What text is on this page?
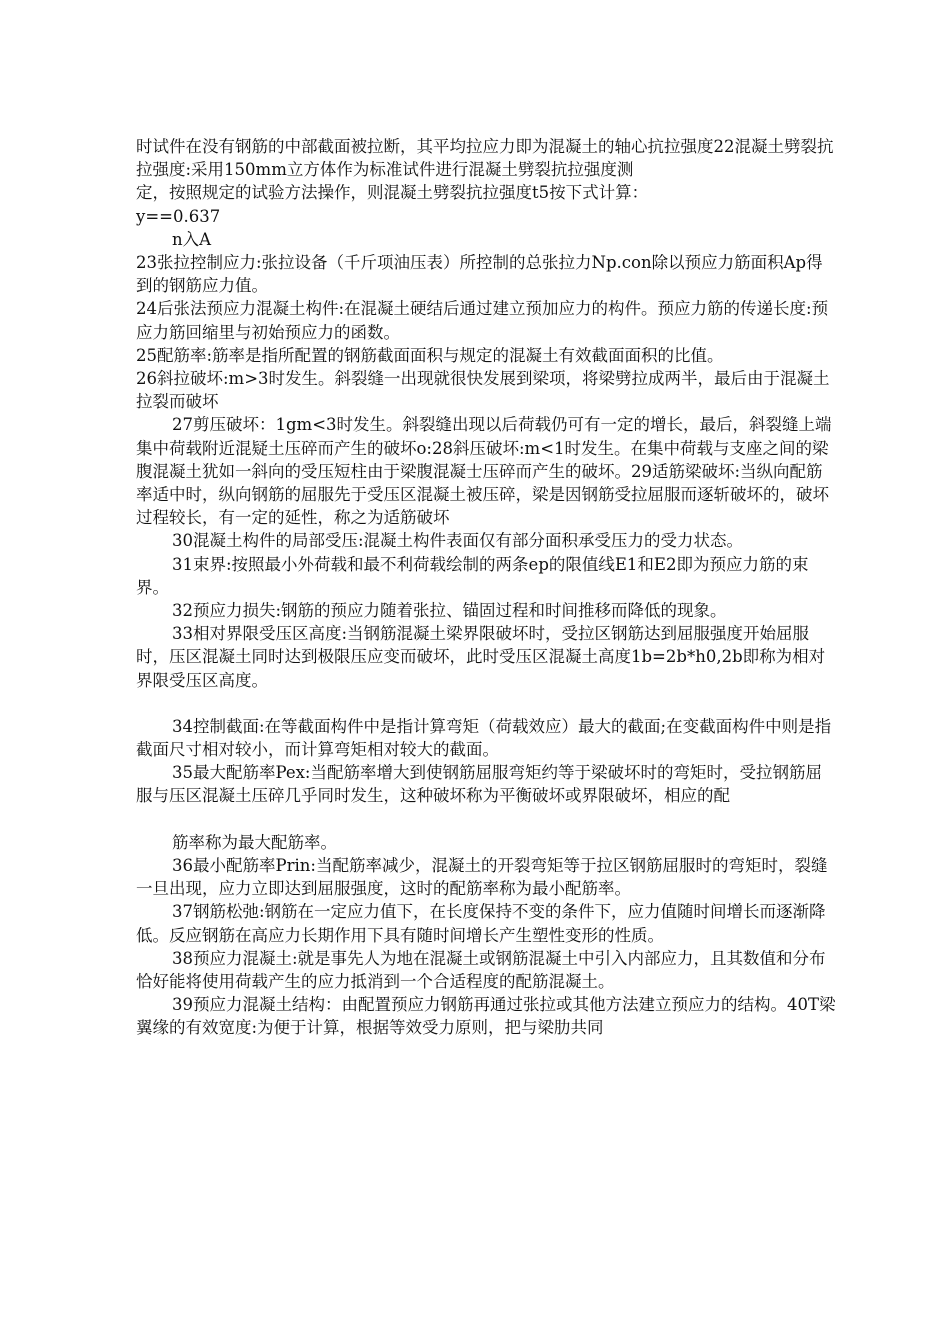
时试件在没有钢筋的中部截面被拉断，其平均拉应力即为混凝土的轴心抗拉强度22混凝土劈裂抗拉强度:采用150mm立方体作为标准试件进行混凝土劈裂抗拉强度测

定，按照规定的试验方法操作，则混凝土劈裂抗拉强度t5按下式计算：

y==0.637

n入A

23张拉控制应力:张拉设备（千斤项油压表）所控制的总张拉力Np.con除以预应力筋面积Ap得到的钢筋应力值。

24后张法预应力混凝土构件:在混凝土硬结后通过建立预加应力的构件。预应力筋的传递长度:预应力筋回缩里与初始预应力的函数。

25配筋率:筋率是指所配置的钢筋截面面积与规定的混凝土有效截面面积的比值。

26斜拉破坏:m>3时发生。斜裂缝一出现就很快发展到梁项，将梁劈拉成两半，最后由于混凝土拉裂而破坏

27剪压破坏：1gm<3时发生。斜裂缝出现以后荷载仍可有一定的增长，最后，斜裂缝上端集中荷载附近混疑土压碎而产生的破坏o:28斜压破坏:m<1时发生。在集中荷载与支座之间的梁腹混凝土犹如一斜向的受压短柱由于梁腹混凝士压碎而产生的破坏。29适筋梁破坏:当纵向配筋率适中时，纵向钢筋的屈服先于受压区混凝土被压碎，梁是因钢筋受拉屈服而逐斩破坏的，破坏过程较长，有一定的延性，称之为适筋破坏

30混凝土构件的局部受压:混凝土构件表面仅有部分面积承受压力的受力状态。

31束界:按照最小外荷载和最不利荷载绘制的两条ep的限值线E1和E2即为预应力筋的束界。

32预应力损失:钢筋的预应力随着张拉、锚固过程和时间推移而降低的现象。

33相对界限受压区高度:当钢筋混凝土梁界限破坏时，受拉区钢筋达到屈服强度开始屈服时，压区混凝土同时达到极限压应变而破坏，此时受压区混凝土高度1b=2b*h0,2b即称为相对界限受压区高度。

34控制截面:在等截面构件中是指计算弯矩（荷载效应）最大的截面;在变截面构件中则是指截面尺寸相对较小，而计算弯矩相对较大的截面。

35最大配筋率Pex:当配筋率增大到使钢筋屈服弯矩约等于梁破坏时的弯矩时，受拉钢筋屈服与压区混凝土压碎几乎同时发生，这种破坏称为平衡破坏或界限破坏，相应的配

筋率称为最大配筋率。

36最小配筋率Prin:当配筋率减少，混凝土的开裂弯矩等于拉区钢筋屈服时的弯矩时，裂缝一旦出现，应力立即达到屈服强度，这时的配筋率称为最小配筋率。

37钢筋松弛:钢筋在一定应力值下，在长度保持不变的条件下，应力值随时间增长而逐渐降低。反应钢筋在高应力长期作用下具有随时间增长产生塑性变形的性质。

38预应力混凝土:就是事先人为地在混凝土或钢筋混凝土中引入内部应力，且其数值和分布恰好能将使用荷载产生的应力抵消到一个合适程度的配筋混凝土。

39预应力混凝土结构：由配置预应力钢筋再通过张拉或其他方法建立预应力的结构。40T梁翼缘的有效宽度:为便于计算，根据等效受力原则，把与梁肋共同
